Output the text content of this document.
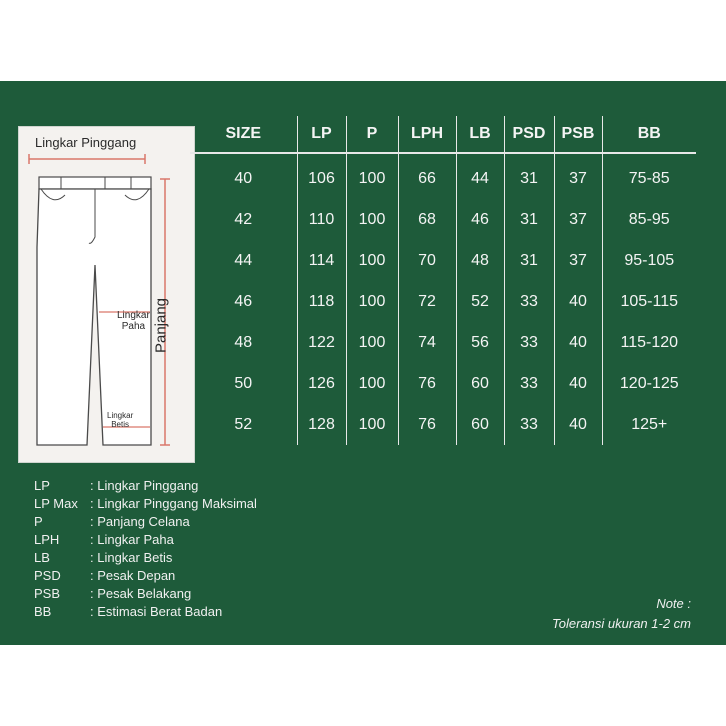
Lingkar Pinggang
Lingkar
Paha
Lingkar
Betis
Panjang
SIZE	LP	P	LPH	LB	PSD	PSB	BB
40	106	100	66	44	31	37	75-85
42	110	100	68	46	31	37	85-95
44	114	100	70	48	31	37	95-105
46	118	100	72	52	33	40	105-115
48	122	100	74	56	33	40	115-120
50	126	100	76	60	33	40	120-125
52	128	100	76	60	33	40	125+
LP	: Lingkar Pinggang
LP Max : Lingkar Pinggang Maksimal
P	: Panjang Celana
LPH : Lingkar Paha
LB	: Lingkar Betis
PSD : Pesak Depan
PSB : Pesak Belakang
BB	: Estimasi Berat Badan
Note :
Toleransi ukuran 1-2 cm
